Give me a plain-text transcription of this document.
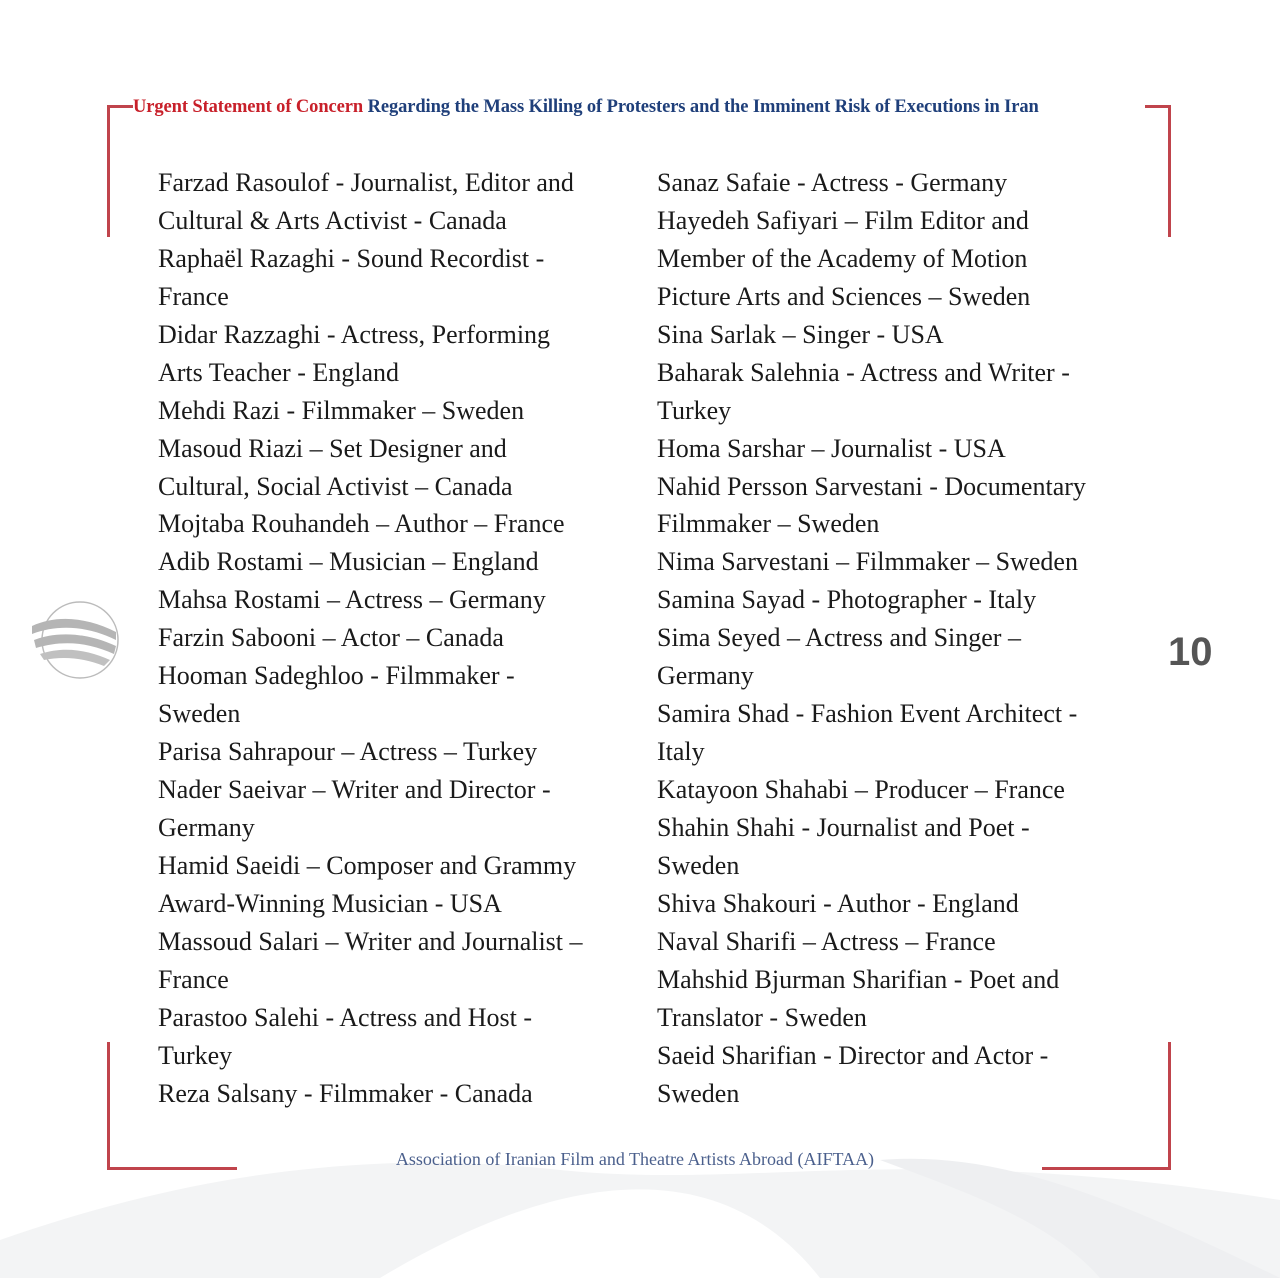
Urgent Statement of Concern Regarding the Mass Killing of Protesters and the Imminent Risk of Executions in Iran
Farzad Rasoulof - Journalist, Editor and
Cultural & Arts Activist - Canada
Raphaël Razaghi - Sound Recordist -
France
Didar Razzaghi - Actress, Performing
Arts Teacher - England
Mehdi Razi - Filmmaker – Sweden
Masoud Riazi – Set Designer and
Cultural, Social Activist – Canada
Mojtaba Rouhandeh – Author – France
Adib Rostami – Musician – England
Mahsa Rostami – Actress – Germany
Farzin Sabooni – Actor – Canada
Hooman Sadeghloo - Filmmaker -
Sweden
Parisa Sahrapour – Actress – Turkey
Nader Saeivar – Writer and Director -
Germany
Hamid Saeidi – Composer and Grammy
Award-Winning Musician - USA
Massoud Salari – Writer and Journalist –
France
Parastoo Salehi - Actress and Host -
Turkey
Reza Salsany - Filmmaker - Canada
Sanaz Safaie - Actress - Germany
Hayedeh Safiyari – Film Editor and
Member of the Academy of Motion
Picture Arts and Sciences – Sweden
Sina Sarlak – Singer - USA
Baharak Salehnia - Actress and Writer -
Turkey
Homa Sarshar – Journalist - USA
Nahid Persson Sarvestani - Documentary
Filmmaker – Sweden
Nima Sarvestani – Filmmaker – Sweden
Samina Sayad - Photographer - Italy
Sima Seyed – Actress and Singer –
Germany
Samira Shad - Fashion Event Architect -
Italy
Katayoon Shahabi – Producer – France
Shahin Shahi - Journalist and Poet -
Sweden
Shiva Shakouri - Author - England
Naval Sharifi – Actress – France
Mahshid Bjurman Sharifian - Poet and
Translator - Sweden
Saeid Sharifian - Director and Actor -
Sweden
10
Association of Iranian Film and Theatre Artists Abroad (AIFTAA)
